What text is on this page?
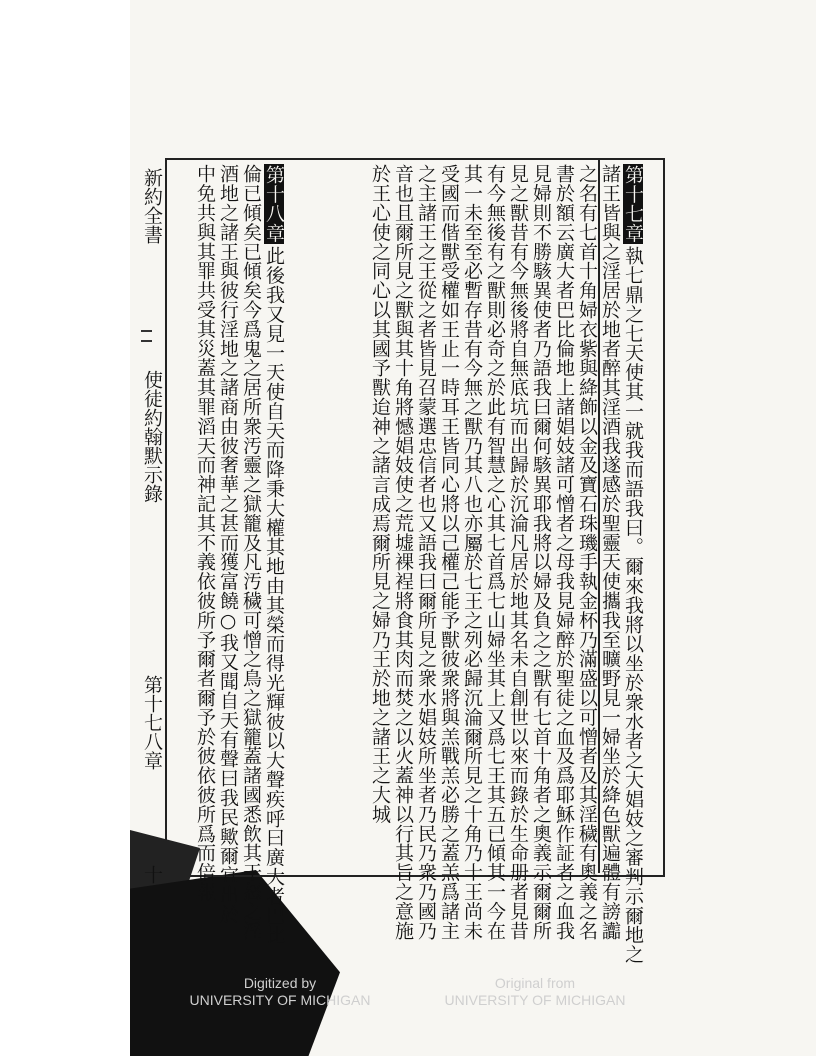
新約全書
使徒約翰默示錄
第十七八章
十
第十七章
第十八章
執七鼎之七天使其一就我而語我曰。爾來我將以坐於衆水者之大娼妓之審判示爾地之
諸王皆與之淫居於地者醉其淫酒我遂感於聖靈天使攜我至曠野見一婦坐於絳色獸遍體有謗讟
之名有七首十角婦衣紫與絳飾以金及寶石珠璣手執金杯乃滿盛以可憎者及其淫穢有奧義之名
書於額云廣大者巴比倫地上諸娼妓諸可憎者之母我見婦醉於聖徒之血及爲耶穌作証者之血我
見婦則不勝駭異使者乃語我曰爾何駭異耶我將以婦及負之之獸有七首十角者之奧義示爾爾所
見之獸昔有今無後將自無底坑而出歸於沉淪凡居於地其名未自創世以來而錄於生命册者見昔
有今無後有之獸則必奇之於此有智慧之心其七首爲七山婦坐其上又爲七王其五已傾其一今在
其一未至至必暫存昔有今無之獸乃其八也亦屬於七王之列必歸沉淪爾所見之十角乃十王尚未
受國而偕獸受權如王止一時耳王皆同心將以己權己能予獸彼衆將與羔戰羔必勝之蓋羔爲諸主
之主諸王之王從之者皆見召蒙選忠信者也又語我曰爾所見之衆水娼妓所坐者乃民乃衆乃國乃
音也且爾所見之獸與其十角將憾娼妓使之荒墟裸裎將食其肉而焚之以火蓋神以行其旨之意施
於王心使之同心以其國予獸迨神之諸言成焉爾所見之婦乃王於地之諸王之大城
此後我又見一天使自天而降秉大權其地由其榮而得光輝彼以大聲疾呼曰廣大者巴比
倫已傾矣已傾矣今爲鬼之居所衆汚靈之獄籠及凡汚穢可憎之鳥之獄籠蓋諸國悉飲其干怒之淫
酒地之諸王與彼行淫地之諸商由彼奢華之甚而獲富饒○我又聞自天有聲曰我民歟爾宜出於
中免共與其罪共受其災蓋其罪滔天而神記其不義依彼所予爾者爾予於彼依彼所爲而倍報
Digitized by
UNIVERSITY OF MICHIGAN
Original from
UNIVERSITY OF MICHIGAN
